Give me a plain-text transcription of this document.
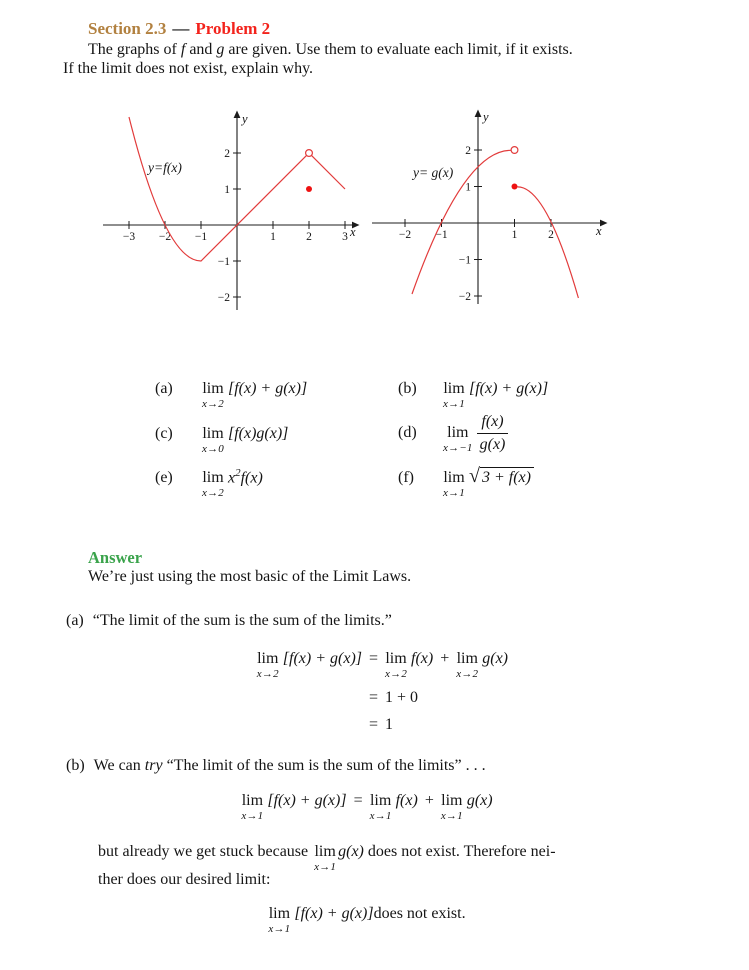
Section 2.3 — Problem 2
The graphs of f and g are given. Use them to evaluate each limit, if it exists.
If the limit does not exist, explain why.
−3 −2 −1	1	2	3
2
1
−1
−2
x
y
y=f(x)
−2 −1	1	2
2
1
−1
−2
x
y
y= g(x)
(a)	lim
x→2
[f(x) + g(x)]	(b)	lim
x→1
[f(x) + g(x)]
(c)	lim
x→0
[f(x)g(x)]	(d)	lim
$x\to-1 \frac{f(x)}{g(x)}$
(e)	lim
x→2
$x^2f(x)$	(f)	lim
x→1
√ 3 + f(x)
Answer
We’re just using the most basic of the Limit Laws.
(a) “The limit of the sum is the sum of the limits.”
lim
x→2
[f(x) + g(x)] = lim
x→2
f(x) + lim
x→2
g(x)
= 1 + 0
= 1
(b) We can try “The limit of the sum is the sum of the limits” . . .
lim
x→1
[f(x) + g(x)] = lim
x→1
f(x) + lim
x→1
g(x)
but already we get stuck because lim
x→1
g(x) does not exist. Therefore nei-
ther does our desired limit:
lim
x→1
[f(x) + g(x)] does not exist.
